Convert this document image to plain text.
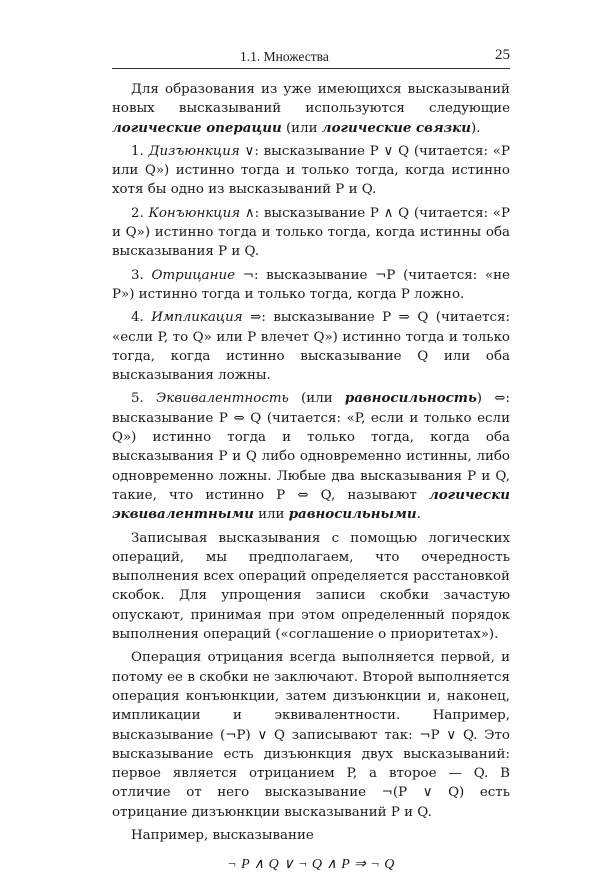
1.1. Множества	25

Для образования из уже имеющихся высказываний новых высказываний используются следующие логические операции (или логические связки).

1. Дизъюнкция ∨: высказывание P ∨ Q (читается: «P или Q») истинно тогда и только тогда, когда истинно хотя бы одно из высказываний P и Q.

2. Конъюнкция ∧: высказывание P ∧ Q (читается: «P и Q») истинно тогда и только тогда, когда истинны оба высказывания P и Q.

3. Отрицание ¬: высказывание ¬P (читается: «не P») истинно тогда и только тогда, когда P ложно.

4. Импликация ⇒: высказывание P ⇒ Q (читается: «если P, то Q» или P влечет Q») истинно тогда и только тогда, когда истинно высказывание Q или оба высказывания ложны.

5. Эквивалентность (или равносильность) ⇔: высказывание P ⇔ Q (читается: «P, если и только если Q») истинно тогда и только тогда, когда оба высказывания P и Q либо одновременно истинны, либо одновременно ложны. Любые два высказывания P и Q, такие, что истинно P ⇔ Q, называют логически эквивалентными или равносильными.

Записывая высказывания с помощью логических операций, мы предполагаем, что очередность выполнения всех операций определяется расстановкой скобок. Для упрощения записи скобки зачастую опускают, принимая при этом определенный порядок выполнения операций («соглашение о приоритетах»).

Операция отрицания всегда выполняется первой, и потому ее в скобки не заключают. Второй выполняется операция конъюнкции, затем дизъюнкции и, наконец, импликации и эквивалентности. Например, высказывание (¬P) ∨ Q записывают так: ¬P ∨ Q. Это высказывание есть дизъюнкция двух высказываний: первое является отрицанием P, а второе — Q. В отличие от него высказывание ¬(P ∨ Q) есть отрицание дизъюнкции высказываний P и Q.

Например, высказывание

¬ P ∧ Q ∨ ¬ Q ∧ P ⇒ ¬ Q
